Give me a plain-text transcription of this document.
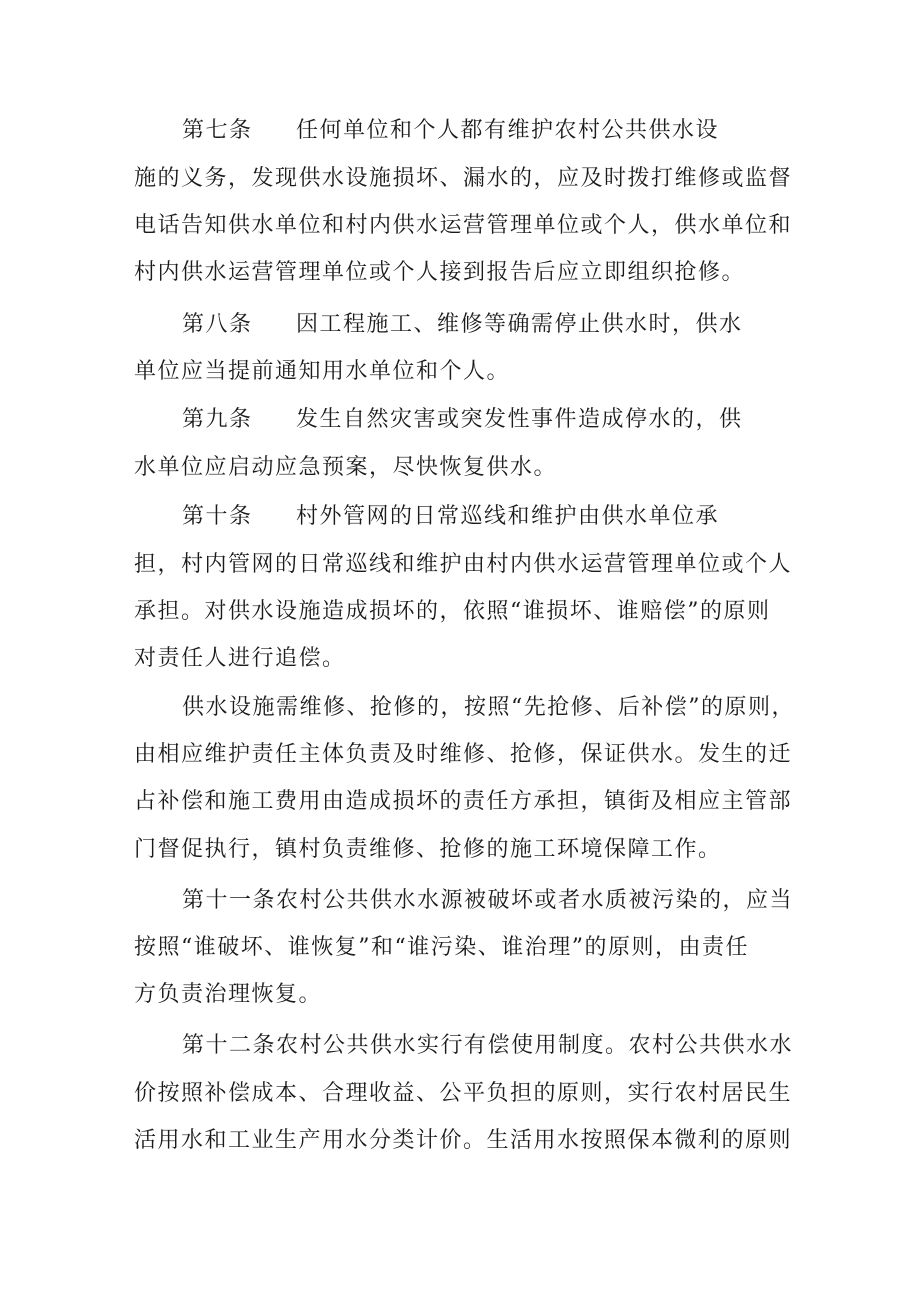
第七条 任何单位和个人都有维护农村公共供水设
施的义务，发现供水设施损坏、漏水的，应及时拨打维修或监督
电话告知供水单位和村内供水运营管理单位或个人，供水单位和
村内供水运营管理单位或个人接到报告后应立即组织抢修。
第八条 因工程施工、维修等确需停止供水时，供水
单位应当提前通知用水单位和个人。
第九条 发生自然灾害或突发性事件造成停水的，供
水单位应启动应急预案，尽快恢复供水。
第十条 村外管网的日常巡线和维护由供水单位承
担，村内管网的日常巡线和维护由村内供水运营管理单位或个人
承担。对供水设施造成损坏的，依照“谁损坏、谁赔偿”的原则
对责任人进行追偿。
供水设施需维修、抢修的，按照“先抢修、后补偿”的原则，
由相应维护责任主体负责及时维修、抢修，保证供水。发生的迁
占补偿和施工费用由造成损坏的责任方承担，镇街及相应主管部
门督促执行，镇村负责维修、抢修的施工环境保障工作。
第十一条农村公共供水水源被破坏或者水质被污染的，应当
按照“谁破坏、谁恢复”和“谁污染、谁治理”的原则，由责任
方负责治理恢复。
第十二条农村公共供水实行有偿使用制度。农村公共供水水
价按照补偿成本、合理收益、公平负担的原则，实行农村居民生
活用水和工业生产用水分类计价。生活用水按照保本微利的原则
